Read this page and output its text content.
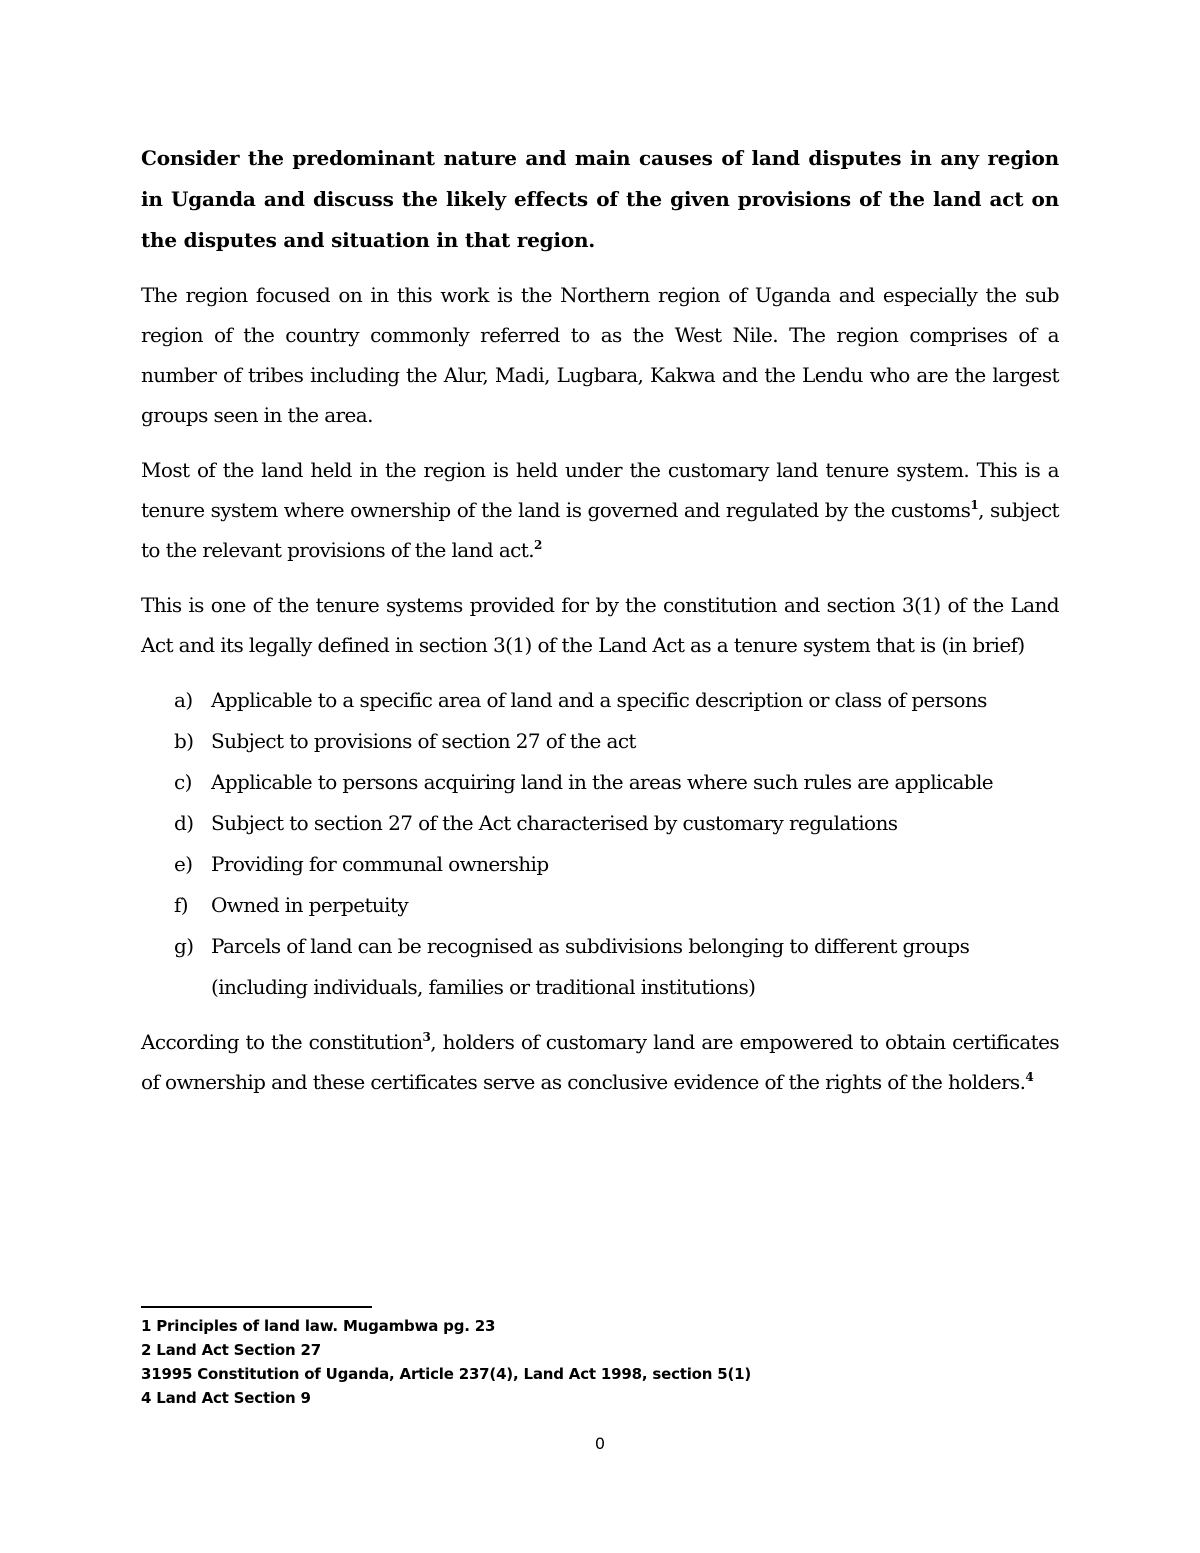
Consider the predominant nature and main causes of land disputes in any region in Uganda and discuss the likely effects of the given provisions of the land act on the disputes and situation in that region.

The region focused on in this work is the Northern region of Uganda and especially the sub region of the country commonly referred to as the West Nile. The region comprises of a number of tribes including the Alur, Madi, Lugbara, Kakwa and the Lendu who are the largest groups seen in the area.

Most of the land held in the region is held under the customary land tenure system. This is a tenure system where ownership of the land is governed and regulated by the customs$^1$, subject to the relevant provisions of the land act.$^2$

This is one of the tenure systems provided for by the constitution and section 3(1) of the Land Act and its legally defined in section 3(1) of the Land Act as a tenure system that is (in brief)

a) Applicable to a specific area of land and a specific description or class of persons
b) Subject to provisions of section 27 of the act
c) Applicable to persons acquiring land in the areas where such rules are applicable
d) Subject to section 27 of the Act characterised by customary regulations
e) Providing for communal ownership
f) Owned in perpetuity
g) Parcels of land can be recognised as subdivisions belonging to different groups (including individuals, families or traditional institutions)

According to the constitution$^3$, holders of customary land are empowered to obtain certificates of ownership and these certificates serve as conclusive evidence of the rights of the holders.$^4$

1 Principles of land law. Mugambwa pg. 23
2 Land Act Section 27
31995 Constitution of Uganda, Article 237(4), Land Act 1998, section 5(1)
4 Land Act Section 9
0
